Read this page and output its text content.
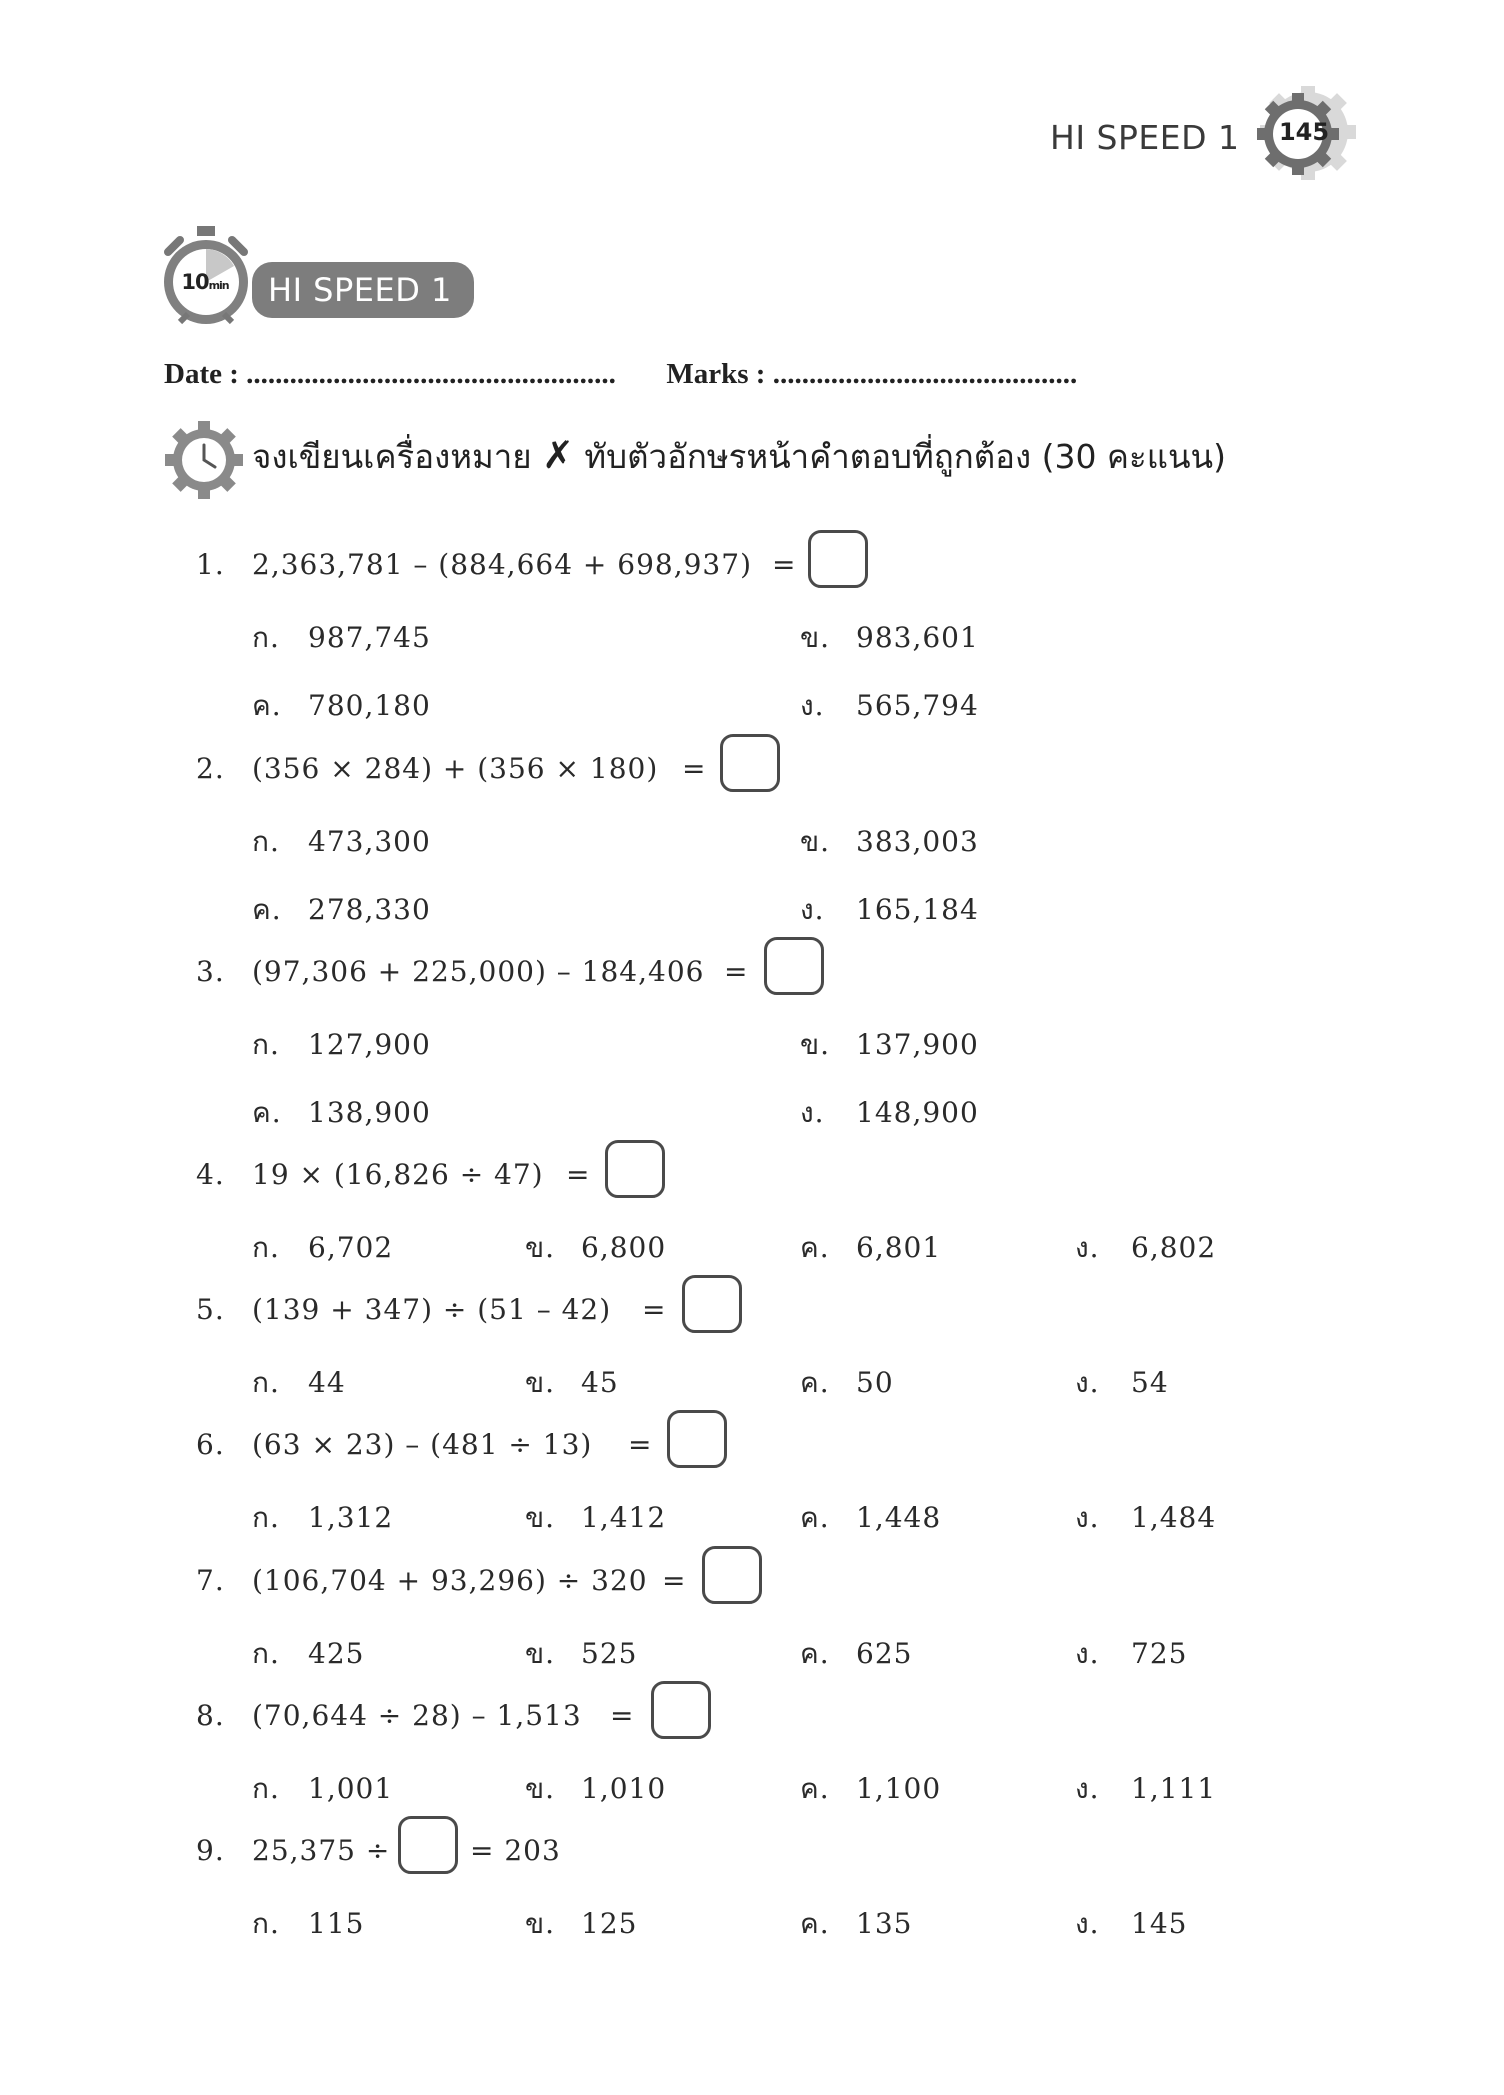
HI SPEED 1 145
10min	HI SPEED 1
Date : ................................................... Marks : ..........................................
จงเขียนเครื่องหมาย ✗ ทับตัวอักษรหน้าคำตอบที่ถูกต้อง (30 คะแนน)
1. 2,363,781 – (884,664 + 698,937) =
ก. 987,745	ข. 983,601
ค. 780,180	ง. 565,794
2. (356 × 284) + (356 × 180) =
ก. 473,300	ข. 383,003
ค. 278,330	ง. 165,184
3. (97,306 + 225,000) – 184,406 =
ก. 127,900	ข. 137,900
ค. 138,900	ง. 148,900
4. 19 × (16,826 ÷ 47) =
ก. 6,702	ข. 6,800	ค. 6,801	ง. 6,802
5. (139 + 347) ÷ (51 – 42) =
ก. 44	ข. 45	ค. 50	ง. 54
6. (63 × 23) – (481 ÷ 13) =
ก. 1,312	ข. 1,412	ค. 1,448	ง. 1,484
7. (106,704 + 93,296) ÷ 320 =
ก. 425	ข. 525	ค. 625	ง. 725
8. (70,644 ÷ 28) – 1,513 =
ก. 1,001	ข. 1,010	ค. 1,100	ง. 1,111
9. 25,375 ÷	= 203
ก. 115	ข. 125	ค. 135	ง. 145
